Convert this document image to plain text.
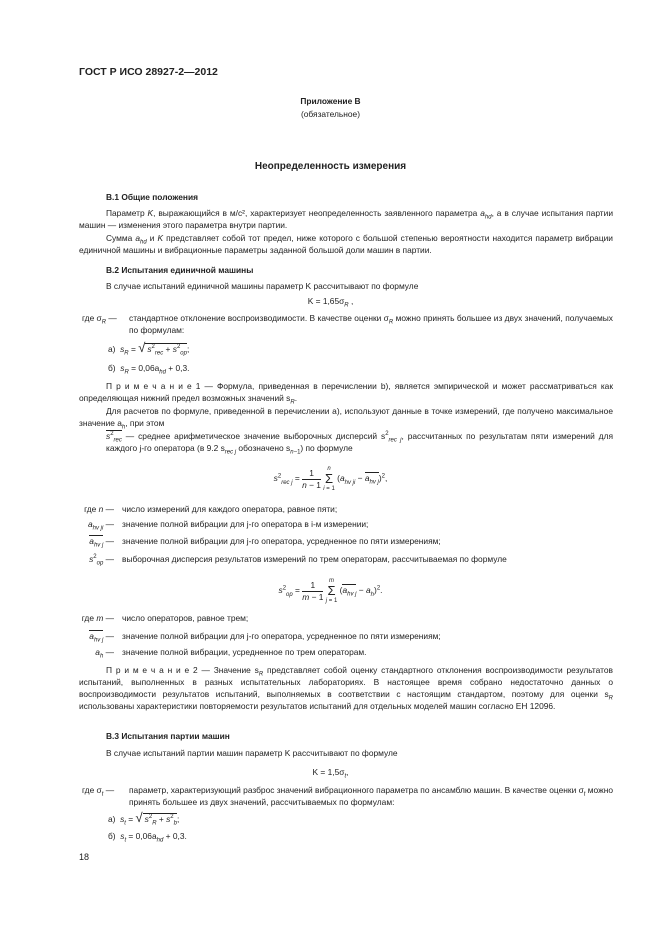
ГОСТ Р ИСО 28927-2—2012
Приложение В
(обязательное)
Неопределенность измерения
В.1 Общие положения
Параметр K, выражающийся в м/с², характеризует неопределенность заявленного параметра $a_{hd}$, а в случае испытания партии машин — изменения этого параметра внутри партии.
Сумма $a_{hd}$ и K представляет собой тот предел, ниже которого с большой степенью вероятности находится параметр вибрации единичной машины и вибрационные параметры заданной большой доли машин в партии.
В.2 Испытания единичной машины
В случае испытаний единичной машины параметр K рассчитывают по формуле
$K = 1,65\sigma_R$ ,
где $\sigma_R$ — стандартное отклонение воспроизводимости. В качестве оценки $\sigma_R$ можно принять большее из двух значений, получаемых по формулам:
а) $s_R$ = √ $s^2_{rec} + s^2_{op}$;
б) $s_R = 0,06a_{hd} + 0,3$.
П р и м е ч а н и е 1 — Формула, приведенная в перечислении b), является эмпирической и может рассматриваться как определяющая нижний предел возможных значений $s_R$.
Для расчетов по формуле, приведенной в перечислении а), используют данные в точке измерений, где получено максимальное значение $a_h$, при этом
$s^2_{rec}$ — среднее арифметическое значение выборочных дисперсий $s^2_{rec j}$, рассчитанных по результатам пяти измерений для каждого j-го оператора (в 9.2 $s_{rec j}$ обозначено $s_{n-1}$) по формуле
$s^2_{rec j} = \frac{1}{n - 1}$ n
Σ
i = 1 $(a_{hv ji} - a_{hv j})^2$,
где n — число измерений для каждого оператора, равное пяти;
$a_{hv ji}$ — значение полной вибрации для j-го оператора в i-м измерении;
$a_{hv j}$ — значение полной вибрации для j-го оператора, усредненное по пяти измерениям;
$s^2_{op}$ — выборочная дисперсия результатов измерений по трем операторам, рассчитываемая по формуле
$s^2_{op} = \frac{1}{m - 1}$ m
Σ
j = 1 $(a_{hv j} - a_h)^2$.
где m — число операторов, равное трем;
$a_{hv j}$ — значение полной вибрации для j-го оператора, усредненное по пяти измерениям;
$a_h$ — значение полной вибрации, усредненное по трем операторам.
П р и м е ч а н и е 2 — Значение $s_R$ представляет собой оценку стандартного отклонения воспроизводимости результатов испытаний, выполненных в разных испытательных лабораториях. В настоящее время собрано недостаточно данных о воспроизводимости результатов испытаний, выполняемых в соответствии с настоящим стандартом, поэтому для оценки $s_R$ использованы характеристики повторяемости результатов испытаний для отдельных моделей машин согласно ЕН 12096.
В.3 Испытания партии машин
В случае испытаний партии машин параметр K рассчитывают по формуле
$K = 1,5\sigma_t$,
где $\sigma_t$ — параметр, характеризующий разброс значений вибрационного параметра по ансамблю машин. В качестве оценки $\sigma_t$ можно принять большее из двух значений, рассчитываемых по формулам:
а) $s_t$ = √ $s^2_R + s^2_b$;
б) $s_t = 0,06a_{hd} + 0,3$.
18
